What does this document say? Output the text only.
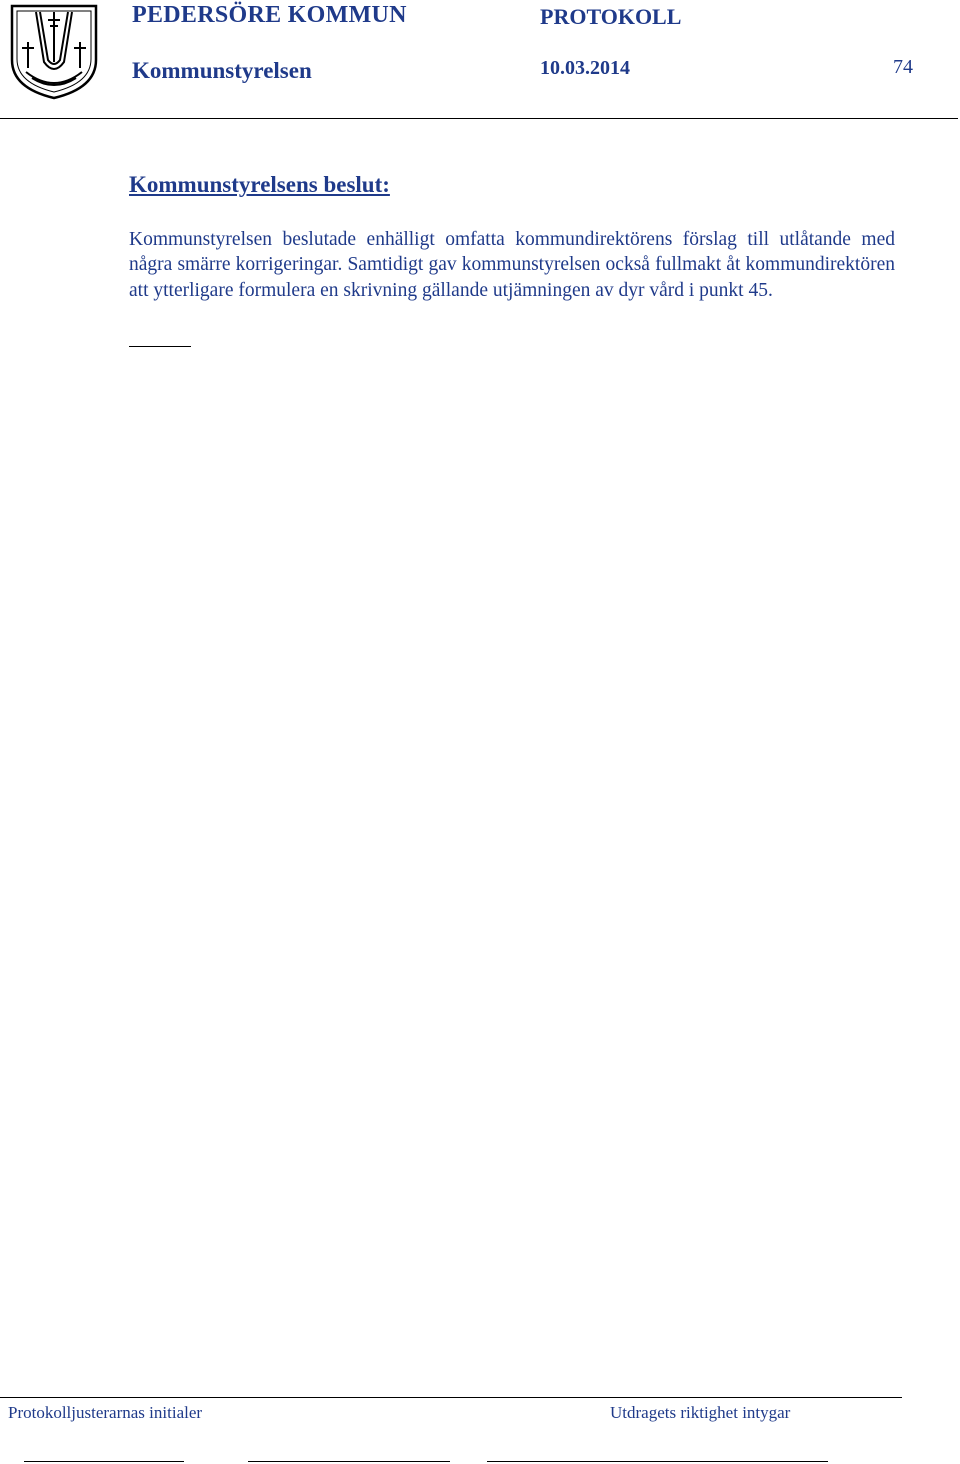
PEDERSÖRE KOMMUN	PROTOKOLL
Kommunstyrelsen	10.03.2014	74
Kommunstyrelsens beslut:

Kommunstyrelsen beslutade enhälligt omfatta kommundirektörens förslag till utlåtande med några smärre korrigeringar. Samtidigt gav kommunstyrelsen också fullmakt åt kommundirektören att ytterligare formulera en skrivning gällande utjämningen av dyr vård i punkt 45.

Protokolljusterarnas initialer	Utdragets riktighet intygar
